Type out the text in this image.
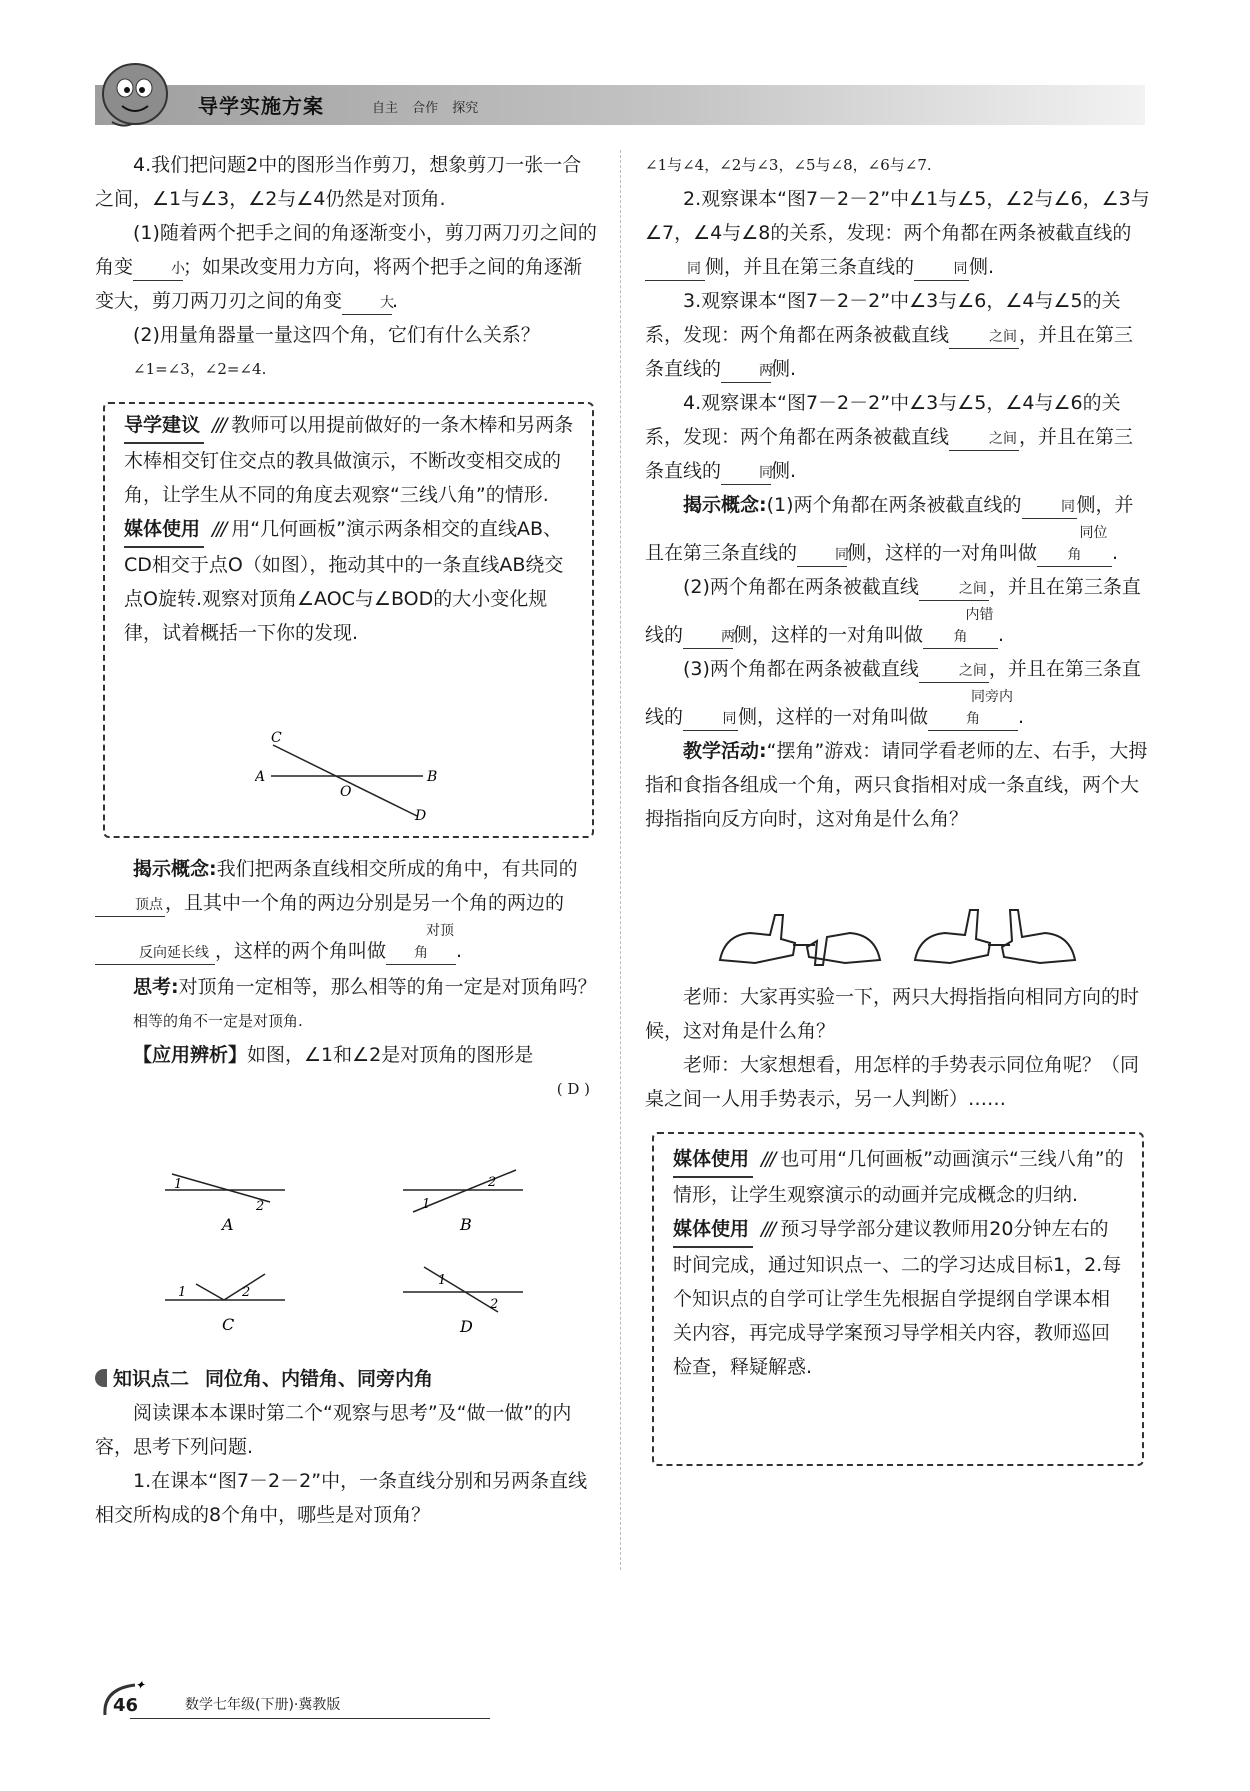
导学实施方案	自主 合作 探究

4.我们把问题2中的图形当作剪刀，想象剪刀一张一合之间，∠1与∠3，∠2与∠4仍然是对顶角.

(1)随着两个把手之间的角逐渐变小，剪刀两刀刃之间的角变	小；如果改变用力方向，将两个把手之间的角逐渐变大，剪刀两刀刃之间的角变	大.

(2)用量角器量一量这四个角，它们有什么关系？

∠1=∠3，∠2=∠4.

导学建议 /// 教师可以用提前做好的一条木棒和另两条木棒相交钉住交点的教具做演示，不断改变相交成的角，让学生从不同的角度去观察“三线八角”的情形.

媒体使用 /// 用“几何画板”演示两条相交的直线AB、CD相交于点O（如图），拖动其中的一条直线AB绕交点O旋转.观察对顶角∠AOC与∠BOD的大小变化规律，试着概括一下你的发现.

C
A	B
O
D

揭示概念:我们把两条直线相交所成的角中，有共同的顶点 ，且其中一个角的两边分别是另一个角的两边的反向延长线 ，这样的两个角叫做对顶角 .

思考:对顶角一定相等，那么相等的角一定是对顶角吗？

相等的角不一定是对顶角.

【应用辨析】如图，∠1和∠2是对顶角的图形是

( D )

1
2
A
1
2
B
1	2
C
1
2
D

知识点二 同位角、内错角、同旁内角

阅读课本本课时第二个“观察与思考”及“做一做”的内容，思考下列问题.

1.在课本“图7－2－2”中，一条直线分别和另两条直线相交所构成的8个角中，哪些是对顶角？

∠1与∠4，∠2与∠3，∠5与∠8，∠6与∠7.

2.观察课本“图7－2－2”中∠1与∠5，∠2与∠6，∠3与∠7，∠4与∠8的关系，发现：两个角都在两条被截直线的同 侧，并且在第三条直线的	同侧.

3.观察课本“图7－2－2”中∠3与∠6，∠4与∠5的关系，发现：两个角都在两条被截直线	之间 ，并且在第三条直线的	两侧.

4.观察课本“图7－2－2”中∠3与∠5，∠4与∠6的关系，发现：两个角都在两条被截直线	之间 ，并且在第三条直线的	同侧.

揭示概念:(1)两个角都在两条被截直线的	同侧，并且在第三条直线的	同侧，这样的一对角叫做同位角 .

(2)两个角都在两条被截直线	之间 ，并且在第三条直线的	两侧，这样的一对角叫做内错角 .

(3)两个角都在两条被截直线	之间 ，并且在第三条直线的	同侧，这样的一对角叫做同旁内角 .

教学活动:“摆角”游戏：请同学看老师的左、右手，大拇指和食指各组成一个角，两只食指相对成一条直线，两个大拇指指向反方向时，这对角是什么角？

老师：大家再实验一下，两只大拇指指向相同方向的时候，这对角是什么角？

老师：大家想想看，用怎样的手势表示同位角呢？（同桌之间一人用手势表示，另一人判断）……

媒体使用 /// 也可用“几何画板”动画演示“三线八角”的情形，让学生观察演示的动画并完成概念的归纳.

媒体使用 /// 预习导学部分建议教师用20分钟左右的时间完成，通过知识点一、二的学习达成目标1，2.每个知识点的自学可让学生先根据自学提纲自学课本相关内容，再完成导学案预习导学相关内容，教师巡回检查，释疑解惑.

✦
46	数学七年级(下册)·冀教版
